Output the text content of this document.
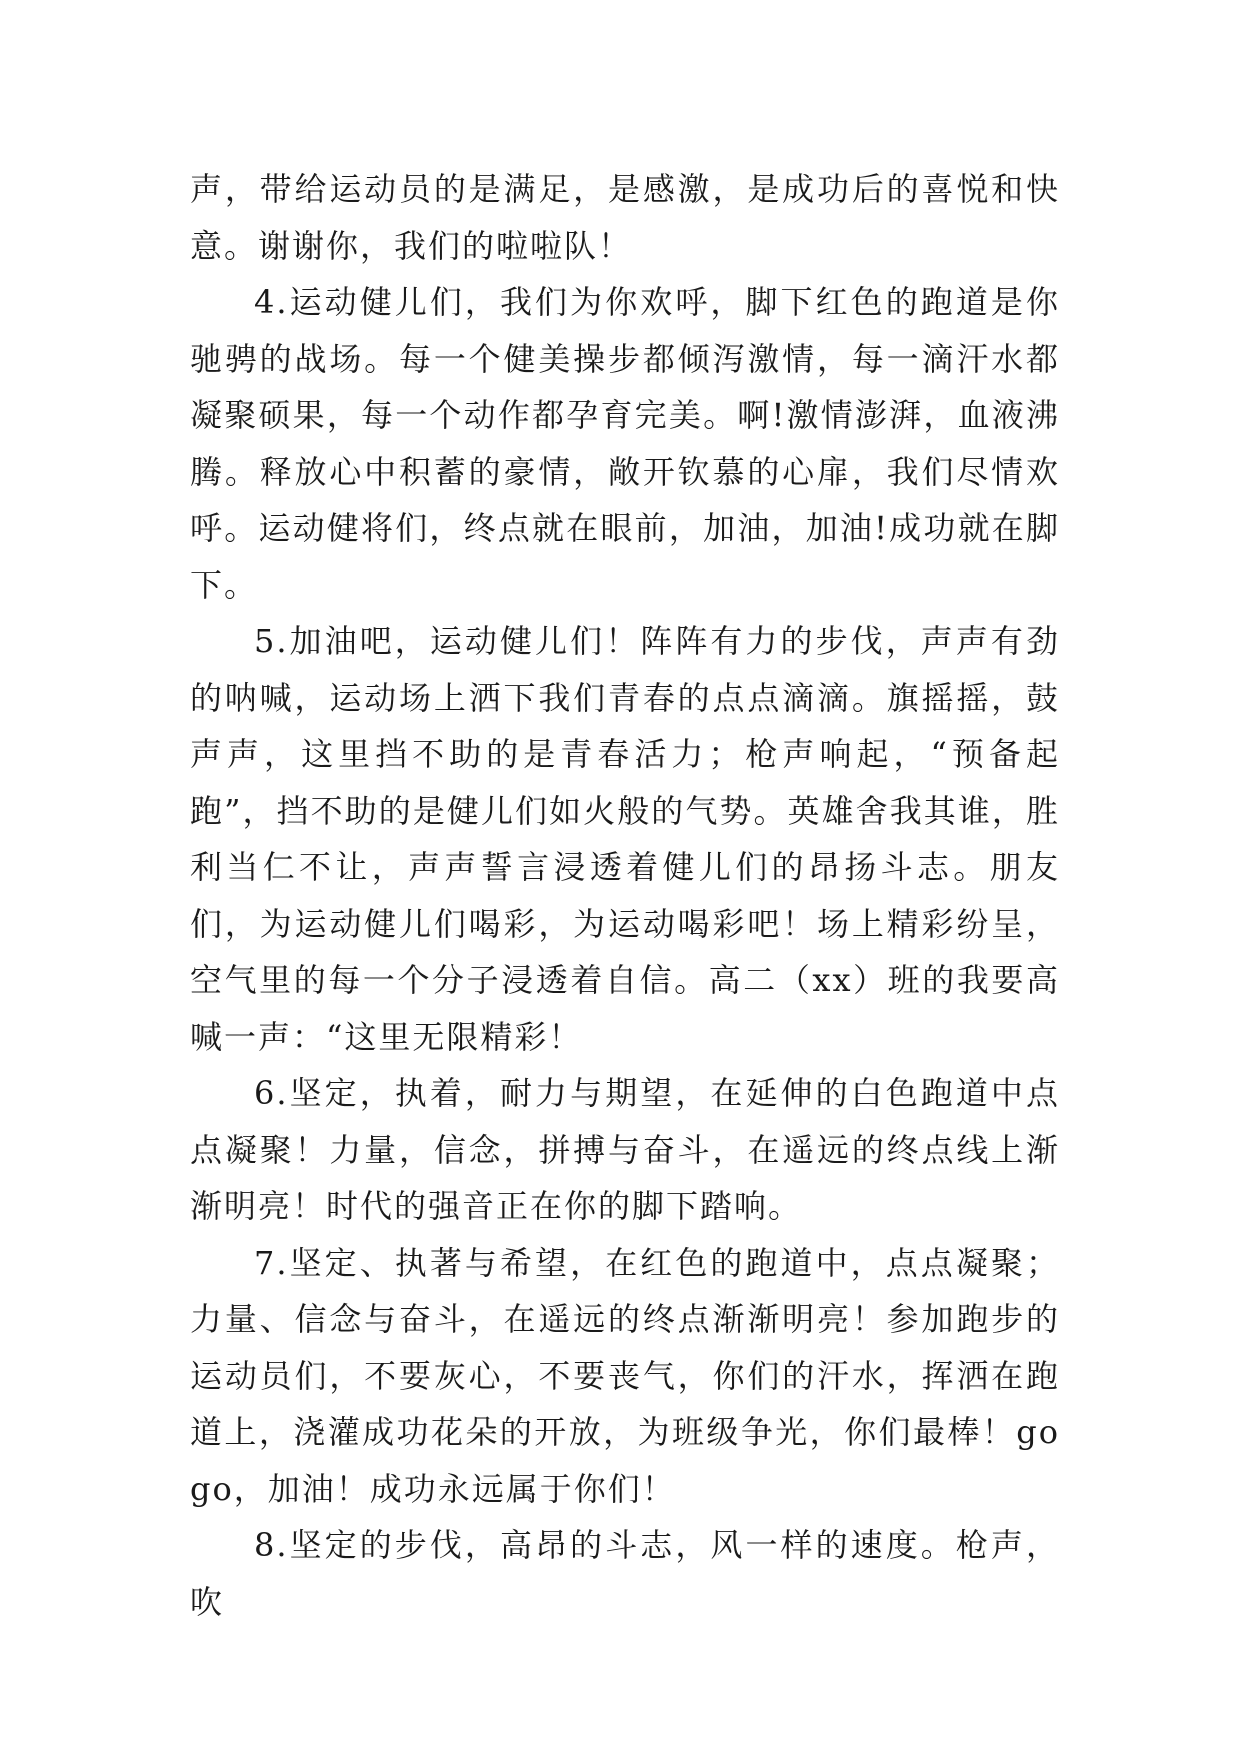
声，带给运动员的是满足，是感激，是成功后的喜悦和快意。谢谢你，我们的啦啦队！

4.运动健儿们，我们为你欢呼，脚下红色的跑道是你驰骋的战场。每一个健美操步都倾泻激情，每一滴汗水都凝聚硕果，每一个动作都孕育完美。啊!激情澎湃，血液沸腾。释放心中积蓄的豪情，敞开钦慕的心扉，我们尽情欢呼。运动健将们，终点就在眼前，加油，加油!成功就在脚下。

5.加油吧，运动健儿们！阵阵有力的步伐，声声有劲的呐喊，运动场上洒下我们青春的点点滴滴。旗摇摇，鼓声声，这里挡不助的是青春活力；枪声响起，“预备起跑”，挡不助的是健儿们如火般的气势。英雄舍我其谁，胜利当仁不让，声声誓言浸透着健儿们的昂扬斗志。朋友们，为运动健儿们喝彩，为运动喝彩吧！场上精彩纷呈，空气里的每一个分子浸透着自信。高二（xx）班的我要高喊一声：“这里无限精彩！

6.坚定，执着，耐力与期望，在延伸的白色跑道中点点凝聚！力量，信念，拼搏与奋斗，在遥远的终点线上渐渐明亮！时代的强音正在你的脚下踏响。

7.坚定、执著与希望，在红色的跑道中，点点凝聚；力量、信念与奋斗，在遥远的终点渐渐明亮！参加跑步的运动员们，不要灰心，不要丧气，你们的汗水，挥洒在跑道上，浇灌成功花朵的开放，为班级争光，你们最棒！gogo，加油！成功永远属于你们！

8.坚定的步伐，高昂的斗志，风一样的速度。枪声，吹
